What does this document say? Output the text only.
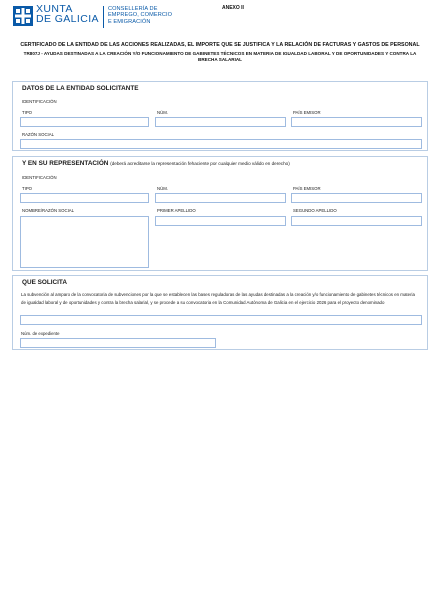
XUNTA
DE GALICIA
CONSELLERÍA DE
EMPREGO, COMERCIO
E EMIGRACIÓN
ANEXO II
CERTIFICADO DE LA ENTIDAD DE LAS ACCIONES REALIZADAS, EL IMPORTE QUE SE JUSTIFICA Y LA RELACIÓN DE FACTURAS Y GASTOS DE PERSONAL
TR807J - AYUDAS DESTINADAS A LA CREACIÓN Y/O FUNCIONAMIENTO DE GABINETES TÉCNICOS EN MATERIA DE IGUALDAD LABORAL Y DE OPORTUNIDADES Y CONTRA LA BRECHA SALARIAL
DATOS DE LA ENTIDAD SOLICITANTE
IDENTIFICACIÓN
TIPO	NÚM.	PAÍS EMISOR
RAZÓN SOCIAL
Y EN SU REPRESENTACIÓN (deberá acreditarse la representación fehaciente por cualquier medio válido en derecho)
IDENTIFICACIÓN
TIPO	NÚM.	PAÍS EMISOR
NOMBRE/RAZÓN SOCIAL	PRIMER APELLIDO	SEGUNDO APELLIDO
QUE SOLICITA
La subvención al amparo de la convocatoria de subvenciones por la que se establecen las bases reguladoras de las ayudas destinadas a la creación y/o funcionamiento de gabinetes técnicos en materia de igualdad laboral y de oportunidades y contra la brecha salarial, y se procede a su convocatoria en la Comunidad Autónoma de Galicia en el ejercicio 2026 para el proyecto denominado
Núm. de expediente
